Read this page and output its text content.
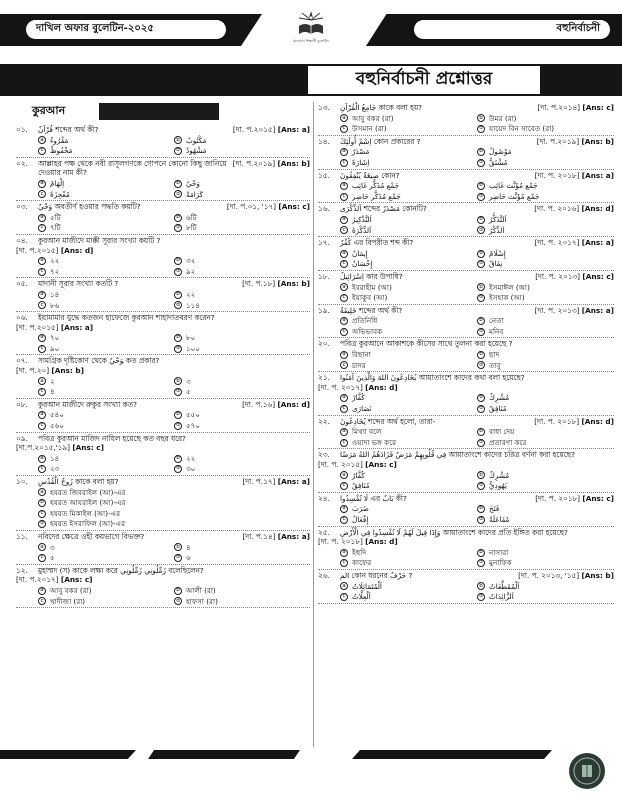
দাখিল অফার বুলেটিন-২০২৫	বহুনির্বাচনী
মাদরাসা শিক্ষার্থী বুলেটিন
বহুনির্বাচনী প্রশ্নোত্তর
কুরআন
০১.	قُرْآنٌ শব্দের অর্থ কী?	[দা. প.২০১৫] [Ans: a]
a مَقْرُوءٌ	b مَكْتُوبٌ
c مَحْفُوظٌ	d مَشْهُودٌ
০২.	আল্লাহর পক্ষ থেকে নবী রাসূলগণকে গোপনে কোনো কিছু জানিয়ে দেওয়ার নাম কী?
[দা. প.২০১৯] [Ans: b]
a اِلْهَامٌ	b وَحْيٌ
c مُعْجِزَةٌ	d كَرَامَةٌ
০৩.	وَحْيٌ অবতীর্ণ হওয়ার পদ্ধতি কয়টি?	[দা. প.০১, '১৭] [Ans: c]
a ৫টি	b ৬টি
c ৭টি	d ৮টি
০৪.	কুরআন মাজীদে মাক্কী সূরার সংখ্যা কয়টি ?
[দা. প.২০১৫] [Ans: d]
a ২২	b ৩২
c ৭২	d ৯২
০৫.	মাদানী সূরার সংখ্যা কতটি ?	[দা. প.১৮] [Ans: b]
a ১৪	b ২২
c ৮৬	d ১১৪
০৬.	ইয়ামামার যুদ্ধে কতজন হাফেজে কুরআন শাহাদাতবরণ করেন?
[দা. প.২০১৫] [Ans: a]
a ৭০	b ৮০
c ৯০	d ১০০
০৭.	সামগ্রিক দৃষ্টিকোণ থেকে ‍وَحْيٌ কত প্রকার?
[দা. প.২০] [Ans: b]
a ২	b ৩
c ৪	d ৫
০৮.	কুরআন মাজীদে রুকুর সংখ্যা কত?	[দা. প.১৬] [Ans: d]
a ৫৪০	b ৫৫০
c ৫৬০	d ৫৭০
০৯.	পবিত্র কুরআন মাজিদ নাযিল হয়েছে কত বছর ধরে?
[দা.প.২০১৫,'১৯] [Ans: c]
a ১৪	b ২২
c ২৩	d ৩০
১০.	رُوحُ الْقُدُسِ কাকে বলা হয়?	[দা. প.১৭] [Ans: a]
a হযরত জিবরাইল (আ)-এর
b হযরত আযরাইল (আ)-এর
c হযরত মিকাইল (আ)-এর
d হযরত ইসরাফিল (আ)-এর
১১.	নবিদের ক্ষেত্রে ওহী কয়ভাগে বিভক্ত?	[দা. প.১৪] [Ans: a]
a ৩	b ৪
c ৫	d ৬
১২.	মুহাম্মদ (স) কাকে লক্ষ্য করে زَمِّلُونِي زَمِّلُونِي বলেছিলেন?
[দা. প.২০১৭] [Ans: c]
a আবু বকর (রা)	b আলী (রা)
c খাদীজা (রা)	d হাফসা (রা)
১৩.	جَامِعُ الْقُرْآنِ কাকে বলা হয়?	[দা. প.২০১৪] [Ans: c]
a আবু বকর (রা)	b উমর (রা)
c উসমান (রা)	d যায়েদ বিন সাবেত (রা)
১৪.	اِسْمٌ أُولَئِكَ কোন প্রকারের ?	[দা. প.২০১৯] [Ans: b]
a مَصْدَرٌ	b مَوْصُولٌ
c اِشَارَةٌ	d مُشْتَقٌّ
১৫.	صِيغَةٌ يُنْفِقُونَ কোন?	[দা. প. ২০১৮] [Ans: a]
a جَمْع مُذَكَّر غَائِب	b جَمْع مُؤَنَّث غَائِب
c جَمْع مُذَكَّر حَاضِر	d جَمْع مُؤَنَّث حَاضِر
১৬.	اَلذِّكْرَى শব্দের مَصْدَرٌ কোনটি?	[দা. প. ২০১৬] [Ans: d]
a اَلتَّذْكِيرُ	b اَلتَّذَكُّرُ
c اَلذِّكْرَةُ	d اَلذِّكْرُ
১৭.	كُفْرٌ এর বিপরীত শব্দ কী?	[দা. প. ২০১৭] [Ans: a]
a إِيمَانٌ	b إِسْلَامٌ
c إِحْسَانٌ	d نِفَاقٌ
১৮.	اِسْرَائِيلُ কার উপাধি?	[দা. প. ২০১৩] [Ans: c]
a ইবরাহীম (আ)	b ইসমাঈল (আ)
c ইয়াকুব (আ)	d ইসহাক (আ)
১৯.	خَلِيفَةٌ শব্দের অর্থ কী?	[দা. প. ২০১৩] [Ans: a]
a প্রতিনিধি	b নেতা
c অভিভাবক	d মনিব
২০.	পবিত্র কুরআনে আকাশকে কীসের সাথে তুলনা করা হয়েছে ?
a বিছানা	b ছাদ
c চাদর	d তাবু
২১.	يُخَادِعُونَ اللهَ وَالَّذِينَ آمَنُوا আয়াতাংশে কাদের কথা বলা হয়েছে?
[দা. প. ২০১৭] [Ans: d]
a كُفَّارٌ	b مُشْرِكٌ
c نَصَارَى	d مُنَافِقٌ
২২.	يُخَادِعُونَ শব্দের অর্থ হলো, তারা-	[দা. প. ২০১৮] [Ans: d]
a মিথ্যা বলে	b বাধা দেয়
c ওয়াদা ভঙ্গ করে	d প্রতারণা করে
২৩.	فِي قُلُوبِهِمْ مَرَضٌ فَزَادَهُمُ اللهُ مَرَضًا আয়াতাংশে কাদের চরিত্র বর্ণনা করা হয়েছে?
[দা. প. ২০১৫] [Ans: c]
a كُفَّارٌ	b مُشْرِكٌ
c مُنَافِقٌ	d يَهُودِيٌّ
২৪.	لَا تُفْسِدُوا এর بَابٌ কী?	[দা. প. ২০১৮] [Ans: c]
a ضَرَبَ	b فَتَحَ
c إِفْعَالٌ	d مُفَاعَلَةٌ
২৫.	وَإِذَا قِيلَ لَهُمْ لَا تُفْسِدُوا فِي الْأَرْضِ আয়াতাংশে কাদের প্রতি ইঙ্গিত করা হয়েছে?
[দা. প. ২০১৮] [Ans: d]
a ইহুদি	b নাসারা
c কাফের	d মুনাফিক
২৬.	الم কোন ধরনের حَرْفٌ ?	[দা. প. ২০১৩, '১৫] [Ans: b]
a اَلْمُتَمَاثِلَاتُ	b اَلْمُقَطَّعَاتُ
c اَلْعِلَّاتُ	d اَلزَّائِدَاتُ
